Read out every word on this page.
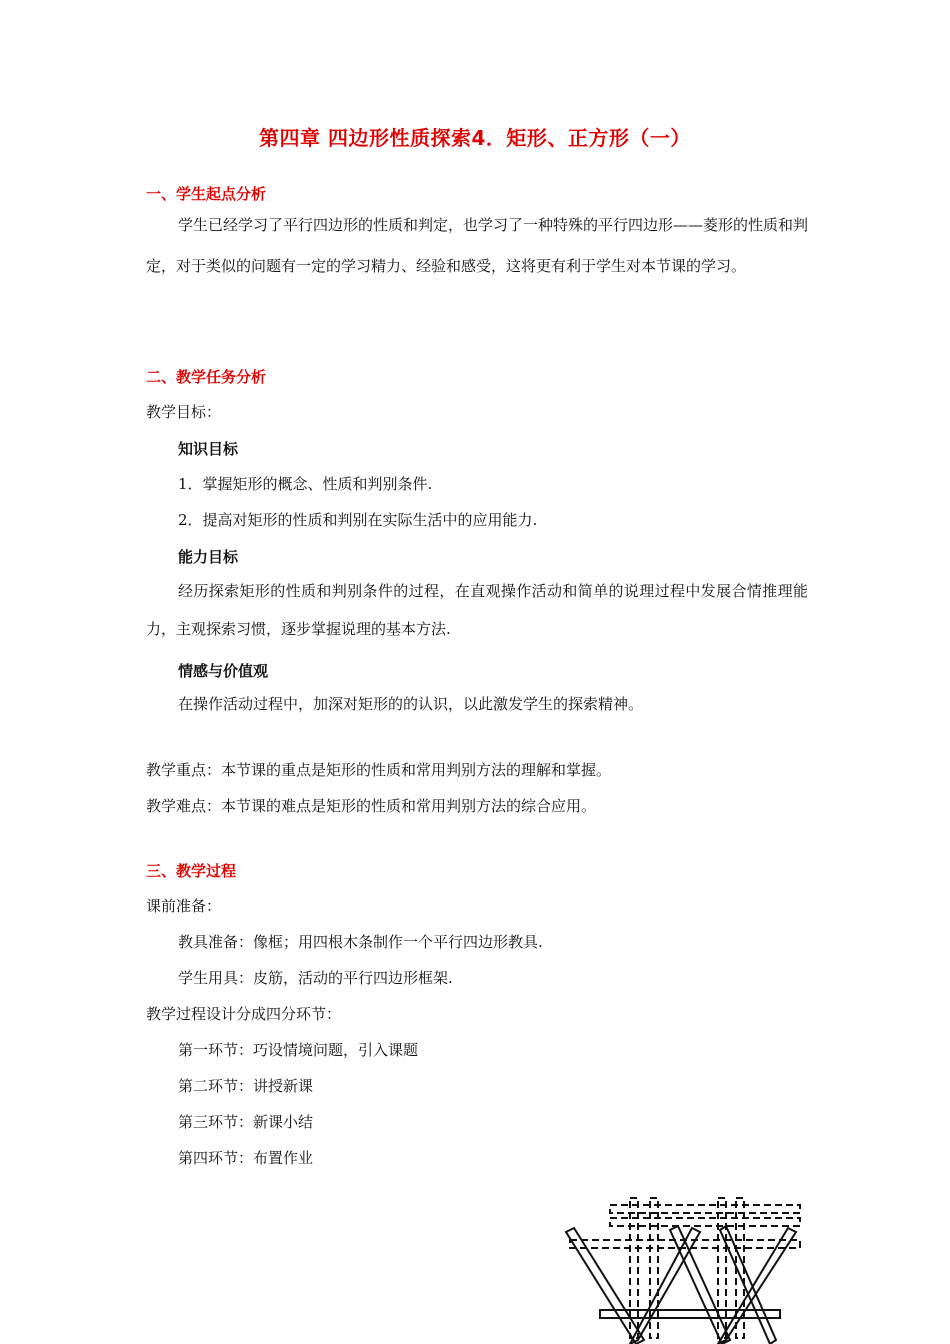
第四章 四边形性质探索4．矩形、正方形（一）
一、学生起点分析
学生已经学习了平行四边形的性质和判定，也学习了一种特殊的平行四边形——菱形的性质和判定，对于类似的问题有一定的学习精力、经验和感受，这将更有利于学生对本节课的学习。
二、教学任务分析
教学目标：
知识目标
1．掌握矩形的概念、性质和判别条件.
2．提高对矩形的性质和判别在实际生活中的应用能力.
能力目标
经历探索矩形的性质和判别条件的过程，在直观操作活动和简单的说理过程中发展合情推理能力，主观探索习惯，逐步掌握说理的基本方法.
情感与价值观
在操作活动过程中，加深对矩形的的认识，以此激发学生的探索精神。
教学重点：本节课的重点是矩形的性质和常用判别方法的理解和掌握。
教学难点：本节课的难点是矩形的性质和常用判别方法的综合应用。
三、教学过程
课前准备：
教具准备：像框；用四根木条制作一个平行四边形教具.
学生用具：皮筋，活动的平行四边形框架.
教学过程设计分成四分环节：
第一环节：巧设情境问题，引入课题
第二环节：讲授新课
第三环节：新课小结
第四环节：布置作业
